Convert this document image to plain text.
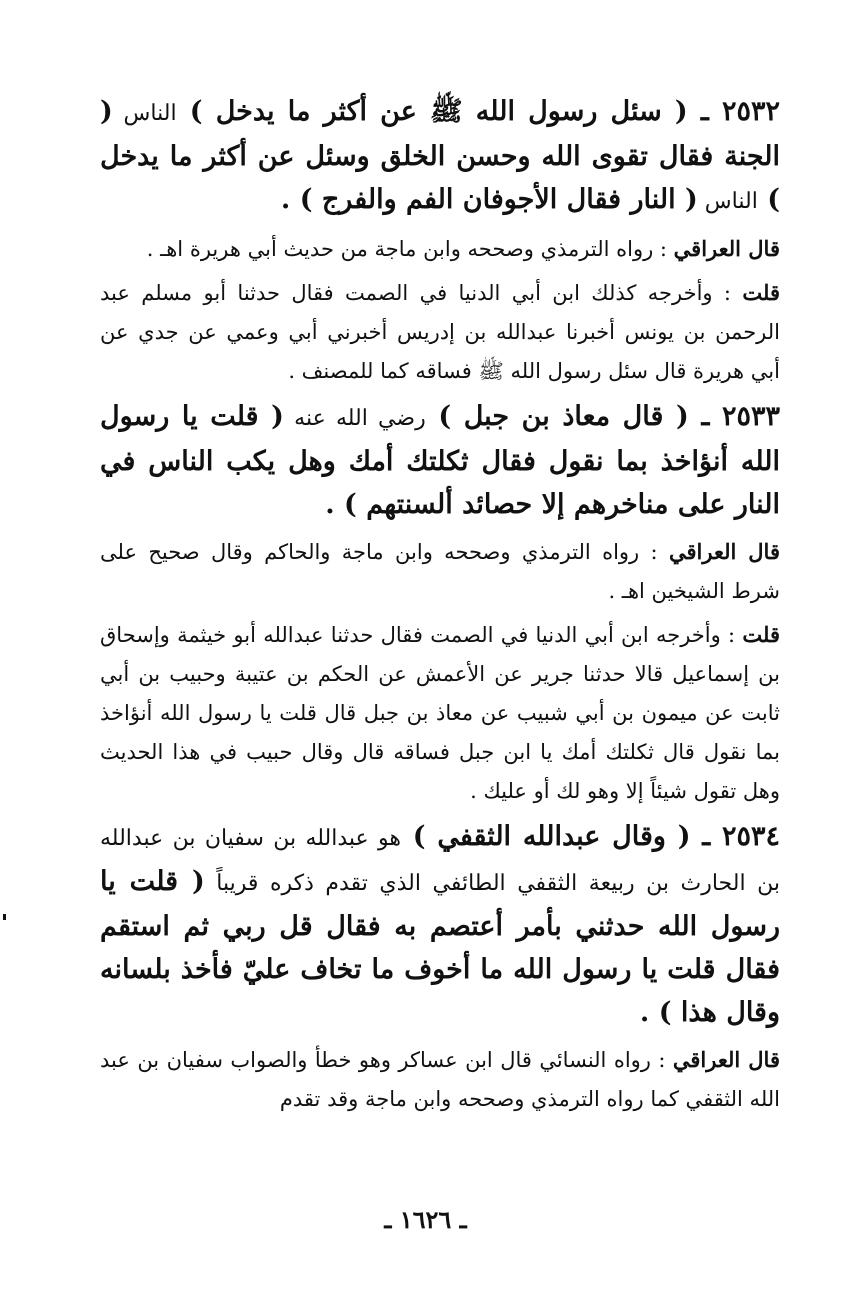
٢٥٣٢ ـ ( سئل رسول الله ﷺ عن أكثر ما يدخل ) الناس ( الجنة فقال تقوى الله وحسن الخلق وسئل عن أكثر ما يدخل ) الناس ( النار فقال الأجوفان الفم والفرج ) .

قال العراقي : رواه الترمذي وصححه وابن ماجة من حديث أبي هريرة اهـ .

قلت : وأخرجه كذلك ابن أبي الدنيا في الصمت فقال حدثنا أبو مسلم عبد الرحمن بن يونس أخبرنا عبدالله بن إدريس أخبرني أبي وعمي عن جدي عن أبي هريرة قال سئل رسول الله ﷺ فساقه كما للمصنف .

٢٥٣٣ ـ ( قال معاذ بن جبل ) رضي الله عنه ( قلت يا رسول الله أنؤاخذ بما نقول فقال ثكلتك أمك وهل يكب الناس في النار على مناخرهم إلا حصائد ألسنتهم ) .

قال العراقي : رواه الترمذي وصححه وابن ماجة والحاكم وقال صحيح على شرط الشيخين اهـ .

قلت : وأخرجه ابن أبي الدنيا في الصمت فقال حدثنا عبدالله أبو خيثمة وإسحاق بن إسماعيل قالا حدثنا جرير عن الأعمش عن الحكم بن عتيبة وحبيب بن أبي ثابت عن ميمون بن أبي شبيب عن معاذ بن جبل قال قلت يا رسول الله أنؤاخذ بما نقول قال ثكلتك أمك يا ابن جبل فساقه قال وقال حبيب في هذا الحديث وهل تقول شيئاً إلا وهو لك أو عليك .

٢٥٣٤ ـ ( وقال عبدالله الثقفي ) هو عبدالله بن سفيان بن عبدالله بن الحارث بن ربيعة الثقفي الطائفي الذي تقدم ذكره قريباً ( قلت يا رسول الله حدثني بأمر أعتصم به فقال قل ربي ثم استقم فقال قلت يا رسول الله ما أخوف ما تخاف عليّ فأخذ بلسانه وقال هذا ) .

قال العراقي : رواه النسائي قال ابن عساكر وهو خطأ والصواب سفيان بن عبد الله الثقفي كما رواه الترمذي وصححه وابن ماجة وقد تقدم

ـ ١٦٢٦ ـ
